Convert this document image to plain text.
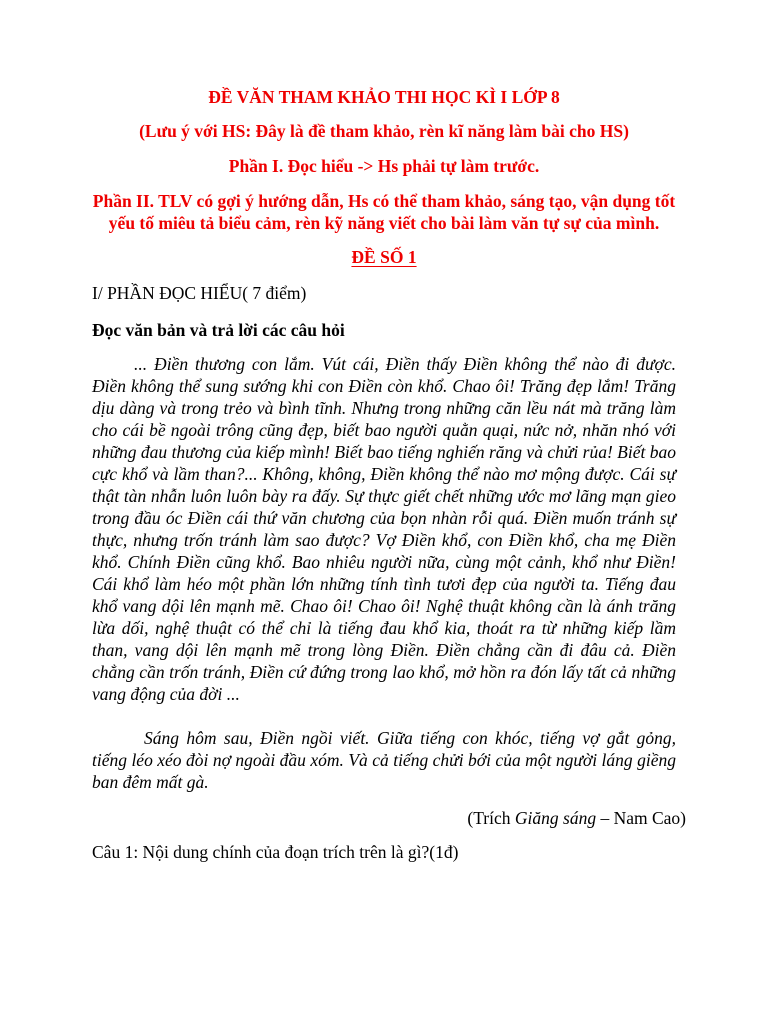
ĐỀ VĂN THAM KHẢO THI HỌC KÌ I LỚP 8

(Lưu ý với HS: Đây là đề tham khảo, rèn kĩ năng làm bài cho HS)

Phần I. Đọc hiểu -> Hs phải tự làm trước.

Phần II. TLV có gợi ý hướng dẫn, Hs có thể tham khảo, sáng tạo, vận dụng tốt yếu tố miêu tả biểu cảm, rèn kỹ năng viết cho bài làm văn tự sự của mình.

ĐỀ SỐ 1

I/ PHẦN ĐỌC HIỂU( 7 điểm)

Đọc văn bản và trả lời các câu hỏi

... Điền thương con lắm. Vút cái, Điền thấy Điền không thể nào đi được. Điền không thể sung sướng khi con Điền còn khổ. Chao ôi! Trăng đẹp lắm! Trăng dịu dàng và trong trẻo và bình tĩnh. Nhưng trong những căn lều nát mà trăng làm cho cái bề ngoài trông cũng đẹp, biết bao người quằn quại, nức nở, nhăn nhó với những đau thương của kiếp mình! Biết bao tiếng nghiến răng và chửi rủa! Biết bao cực khổ và lầm than?... Không, không, Điền không thể nào mơ mộng được. Cái sự thật tàn nhẫn luôn luôn bày ra đấy. Sự thực giết chết những ước mơ lãng mạn gieo trong đầu óc Điền cái thứ văn chương của bọn nhàn rỗi quá. Điền muốn tránh sự thực, nhưng trốn tránh làm sao được? Vợ Điền khổ, con Điền khổ, cha mẹ Điền khổ. Chính Điền cũng khổ. Bao nhiêu người nữa, cùng một cảnh, khổ như Điền! Cái khổ làm héo một phần lớn những tính tình tươi đẹp của người ta. Tiếng đau khổ vang dội lên mạnh mẽ. Chao ôi! Chao ôi! Nghệ thuật không cần là ánh trăng lừa dối, nghệ thuật có thể chỉ là tiếng đau khổ kia, thoát ra từ những kiếp lầm than, vang dội lên mạnh mẽ trong lòng Điền. Điền chẳng cần đi đâu cả. Điền chẳng cần trốn tránh, Điền cứ đứng trong lao khổ, mở hồn ra đón lấy tất cả những vang động của đời ...

Sáng hôm sau, Điền ngồi viết. Giữa tiếng con khóc, tiếng vợ gắt gỏng, tiếng léo xéo đòi nợ ngoài đầu xóm. Và cả tiếng chửi bới của một người láng giềng ban đêm mất gà.

(Trích Giăng sáng – Nam Cao)

Câu 1: Nội dung chính của đoạn trích trên là gì?(1đ)
